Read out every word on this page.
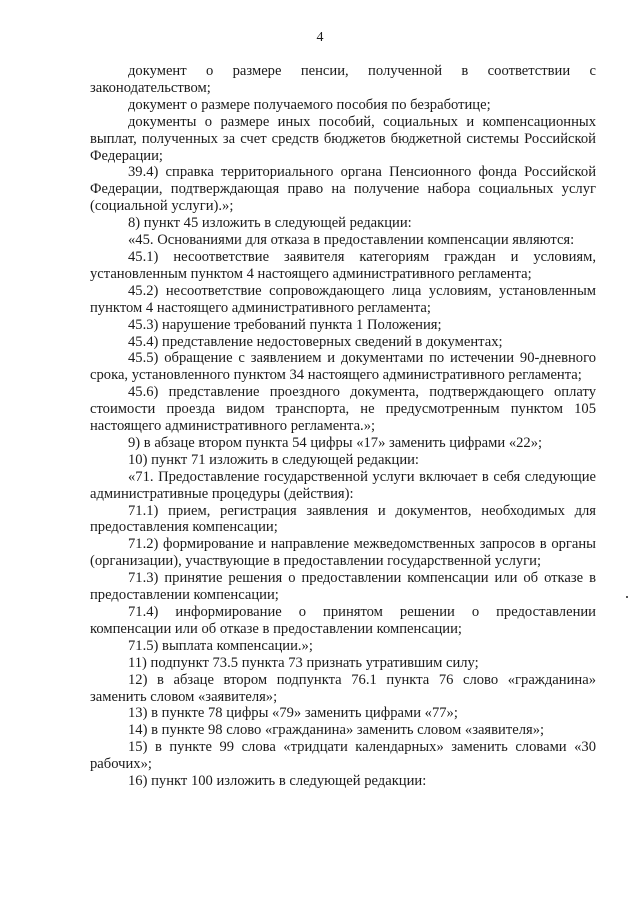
4

документ о размере пенсии, полученной в соответствии с законодательством;

документ о размере получаемого пособия по безработице;

документы о размере иных пособий, социальных и компенсационных выплат, полученных за счет средств бюджетов бюджетной системы Российской Федерации;

39.4) справка территориального органа Пенсионного фонда Российской Федерации, подтверждающая право на получение набора социальных услуг (социальной услуги).»;

8) пункт 45 изложить в следующей редакции:

«45. Основаниями для отказа в предоставлении компенсации являются:

45.1) несоответствие заявителя категориям граждан и условиям, установленным пунктом 4 настоящего административного регламента;

45.2) несоответствие сопровождающего лица условиям, установленным пунктом 4 настоящего административного регламента;

45.3) нарушение требований пункта 1 Положения;

45.4) представление недостоверных сведений в документах;

45.5) обращение с заявлением и документами по истечении 90-дневного срока, установленного пунктом 34 настоящего административного регламента;

45.6) представление проездного документа, подтверждающего оплату стоимости проезда видом транспорта, не предусмотренным пунктом 105 настоящего административного регламента.»;

9) в абзаце втором пункта 54 цифры «17» заменить цифрами «22»;

10) пункт 71 изложить в следующей редакции:

«71. Предоставление государственной услуги включает в себя следующие административные процедуры (действия):

71.1) прием, регистрация заявления и документов, необходимых для предоставления компенсации;

71.2) формирование и направление межведомственных запросов в органы (организации), участвующие в предоставлении государственной услуги;

71.3) принятие решения о предоставлении компенсации или об отказе в предоставлении компенсации;

71.4) информирование о принятом решении о предоставлении компенсации или об отказе в предоставлении компенсации;

71.5) выплата компенсации.»;

11) подпункт 73.5 пункта 73 признать утратившим силу;

12) в абзаце втором подпункта 76.1 пункта 76 слово «гражданина» заменить словом «заявителя»;

13) в пункте 78 цифры «79» заменить цифрами «77»;

14) в пункте 98 слово «гражданина» заменить словом «заявителя»;

15) в пункте 99 слова «тридцати календарных» заменить словами «30 рабочих»;

16) пункт 100 изложить в следующей редакции:
